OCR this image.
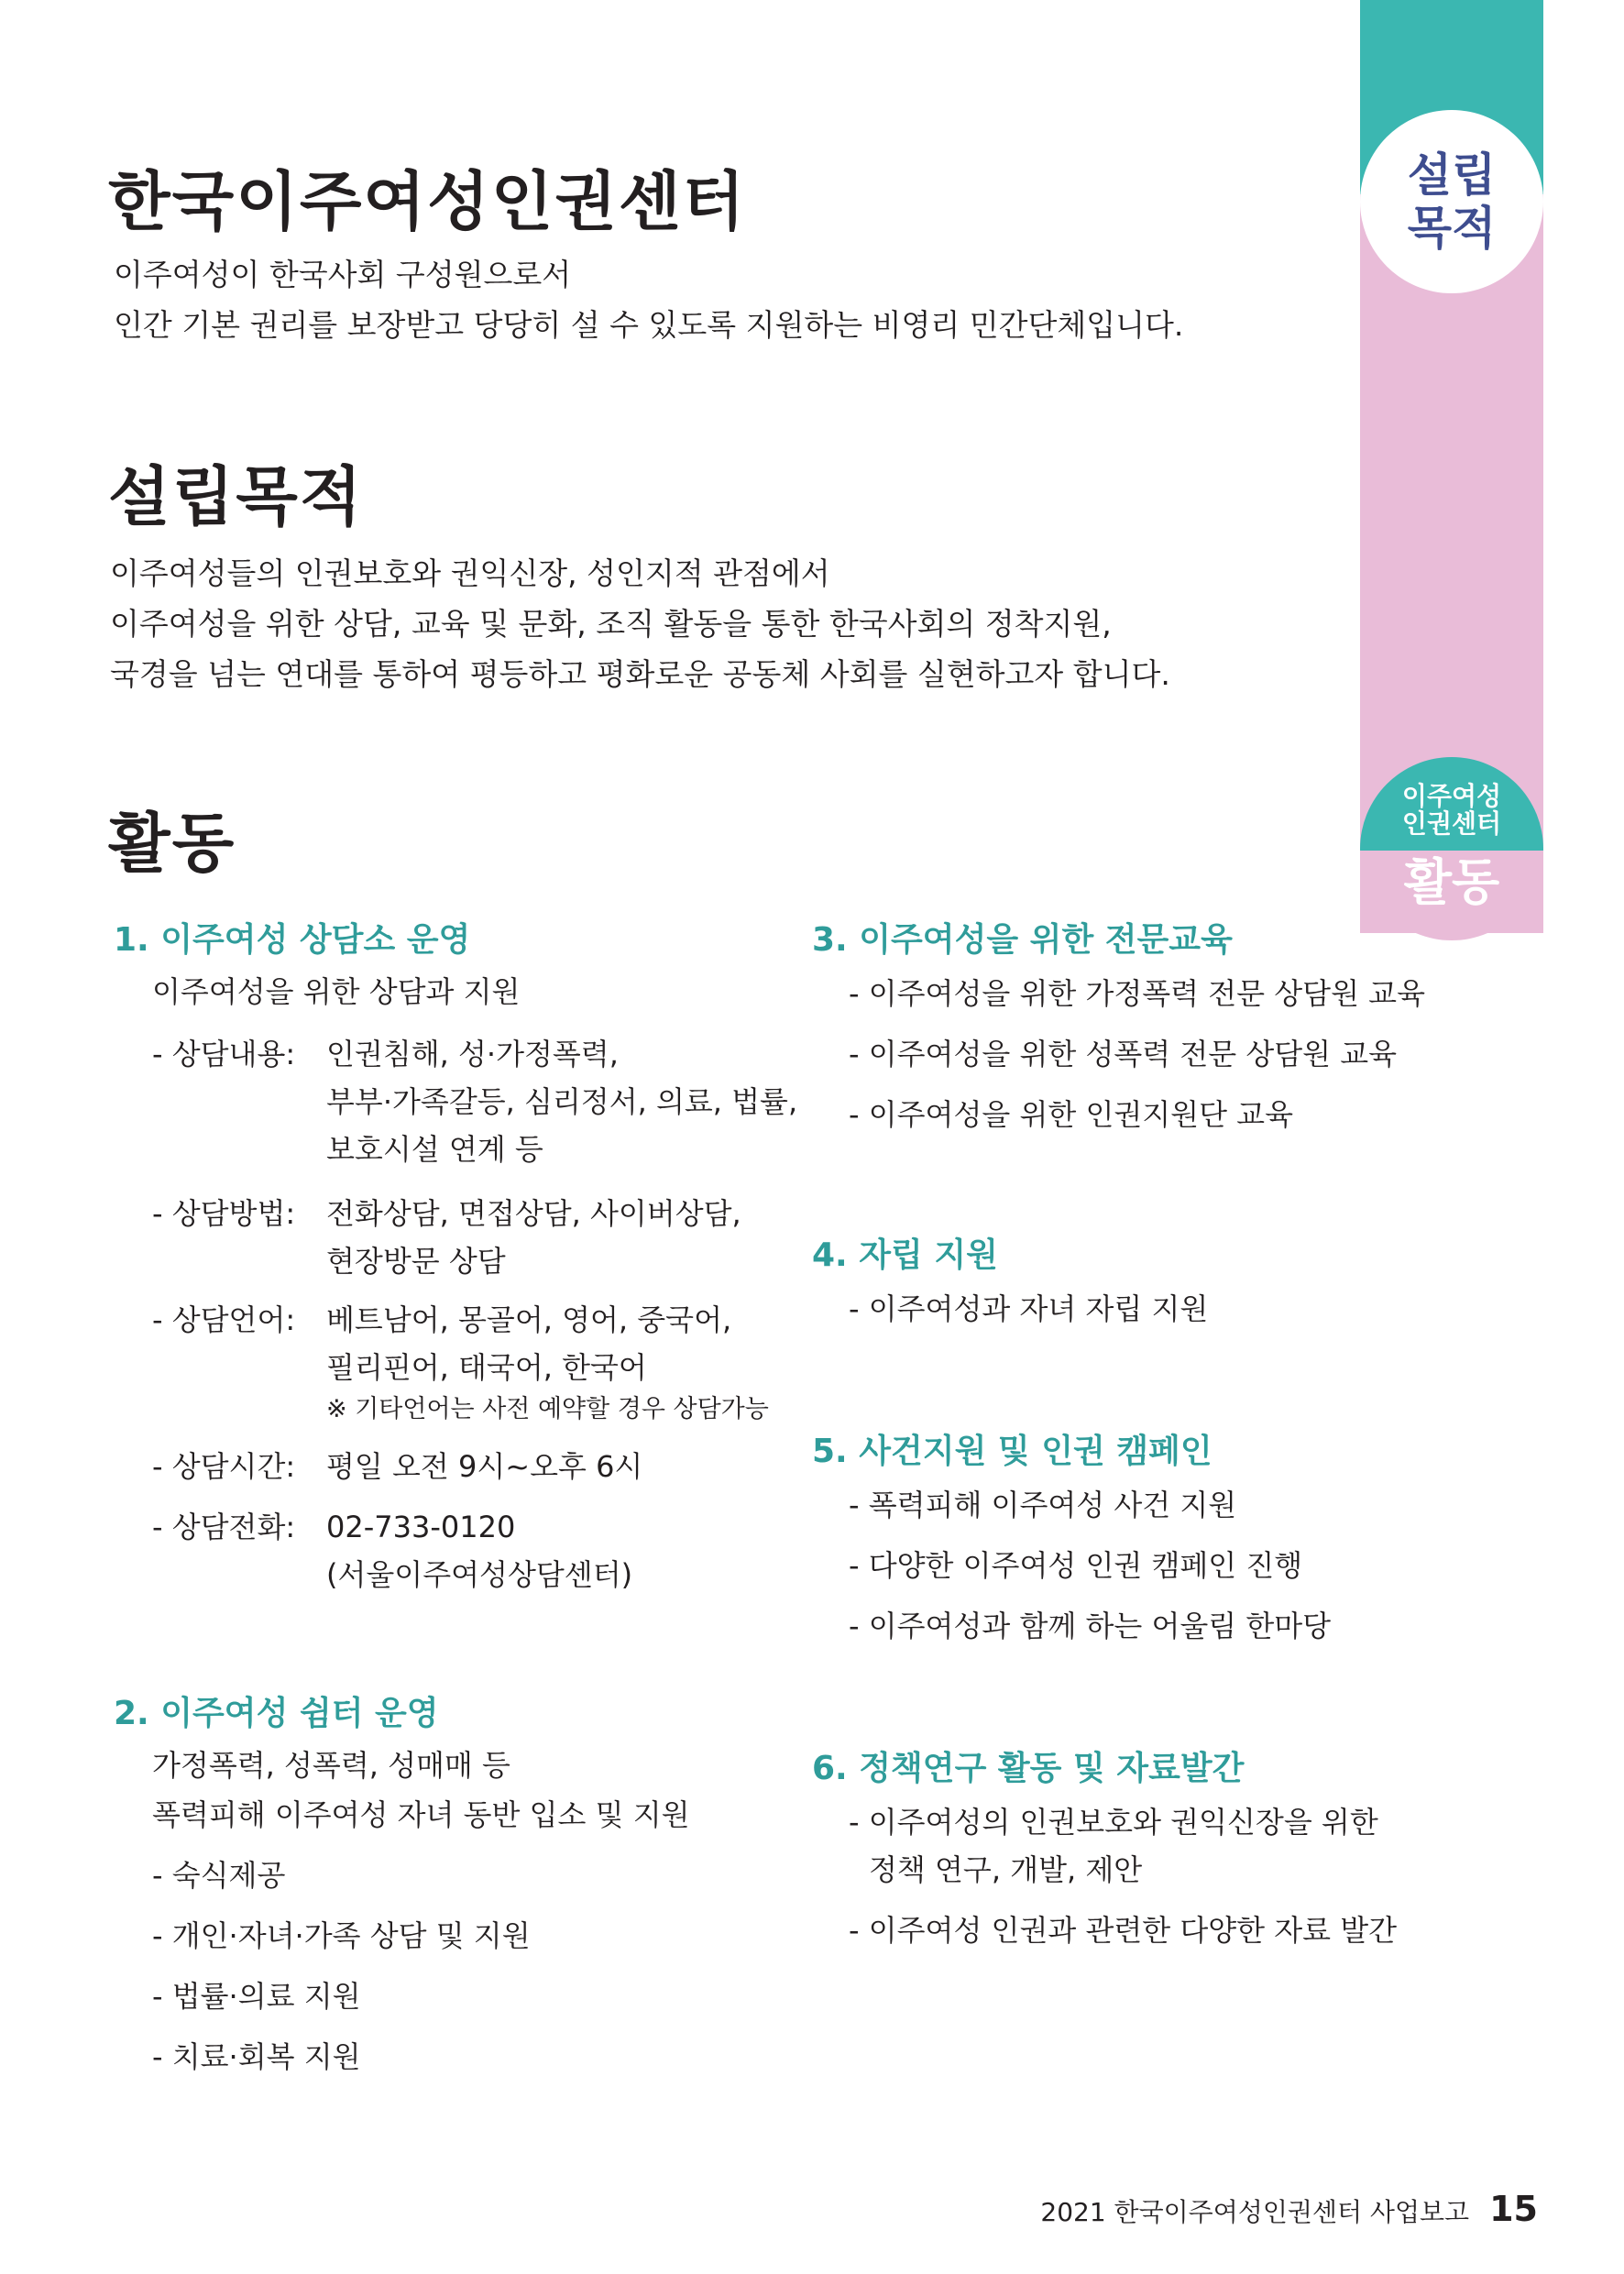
설립
목적
이주여성
인권센터
활동
한국이주여성인권센터
이주여성이 한국사회 구성원으로서
인간 기본 권리를 보장받고 당당히 설 수 있도록 지원하는 비영리 민간단체입니다.
설립목적
이주여성들의 인권보호와 권익신장, 성인지적 관점에서
이주여성을 위한 상담, 교육 및 문화, 조직 활동을 통한 한국사회의 정착지원,
국경을 넘는 연대를 통하여 평등하고 평화로운 공동체 사회를 실현하고자 합니다.
활동
1. 이주여성 상담소 운영
이주여성을 위한 상담과 지원
- 상담내용:	인권침해, 성·가정폭력,
부부·가족갈등, 심리정서, 의료, 법률,
보호시설 연계 등
- 상담방법:	전화상담, 면접상담, 사이버상담,
현장방문 상담
- 상담언어:	베트남어, 몽골어, 영어, 중국어,
필리핀어, 태국어, 한국어
※ 기타언어는 사전 예약할 경우 상담가능
- 상담시간:	평일 오전 9시~오후 6시
- 상담전화:	02-733-0120
(서울이주여성상담센터)
2. 이주여성 쉼터 운영
가정폭력, 성폭력, 성매매 등
폭력피해 이주여성 자녀 동반 입소 및 지원
- 숙식제공
- 개인·자녀·가족 상담 및 지원
- 법률·의료 지원
- 치료·회복 지원
3. 이주여성을 위한 전문교육
- 이주여성을 위한 가정폭력 전문 상담원 교육
- 이주여성을 위한 성폭력 전문 상담원 교육
- 이주여성을 위한 인권지원단 교육
4. 자립 지원
- 이주여성과 자녀 자립 지원
5. 사건지원 및 인권 캠페인
- 폭력피해 이주여성 사건 지원
- 다양한 이주여성 인권 캠페인 진행
- 이주여성과 함께 하는 어울림 한마당
6. 정책연구 활동 및 자료발간
- 이주여성의 인권보호와 권익신장을 위한
정책 연구, 개발, 제안
- 이주여성 인권과 관련한 다양한 자료 발간
2021 한국이주여성인권센터 사업보고 15
